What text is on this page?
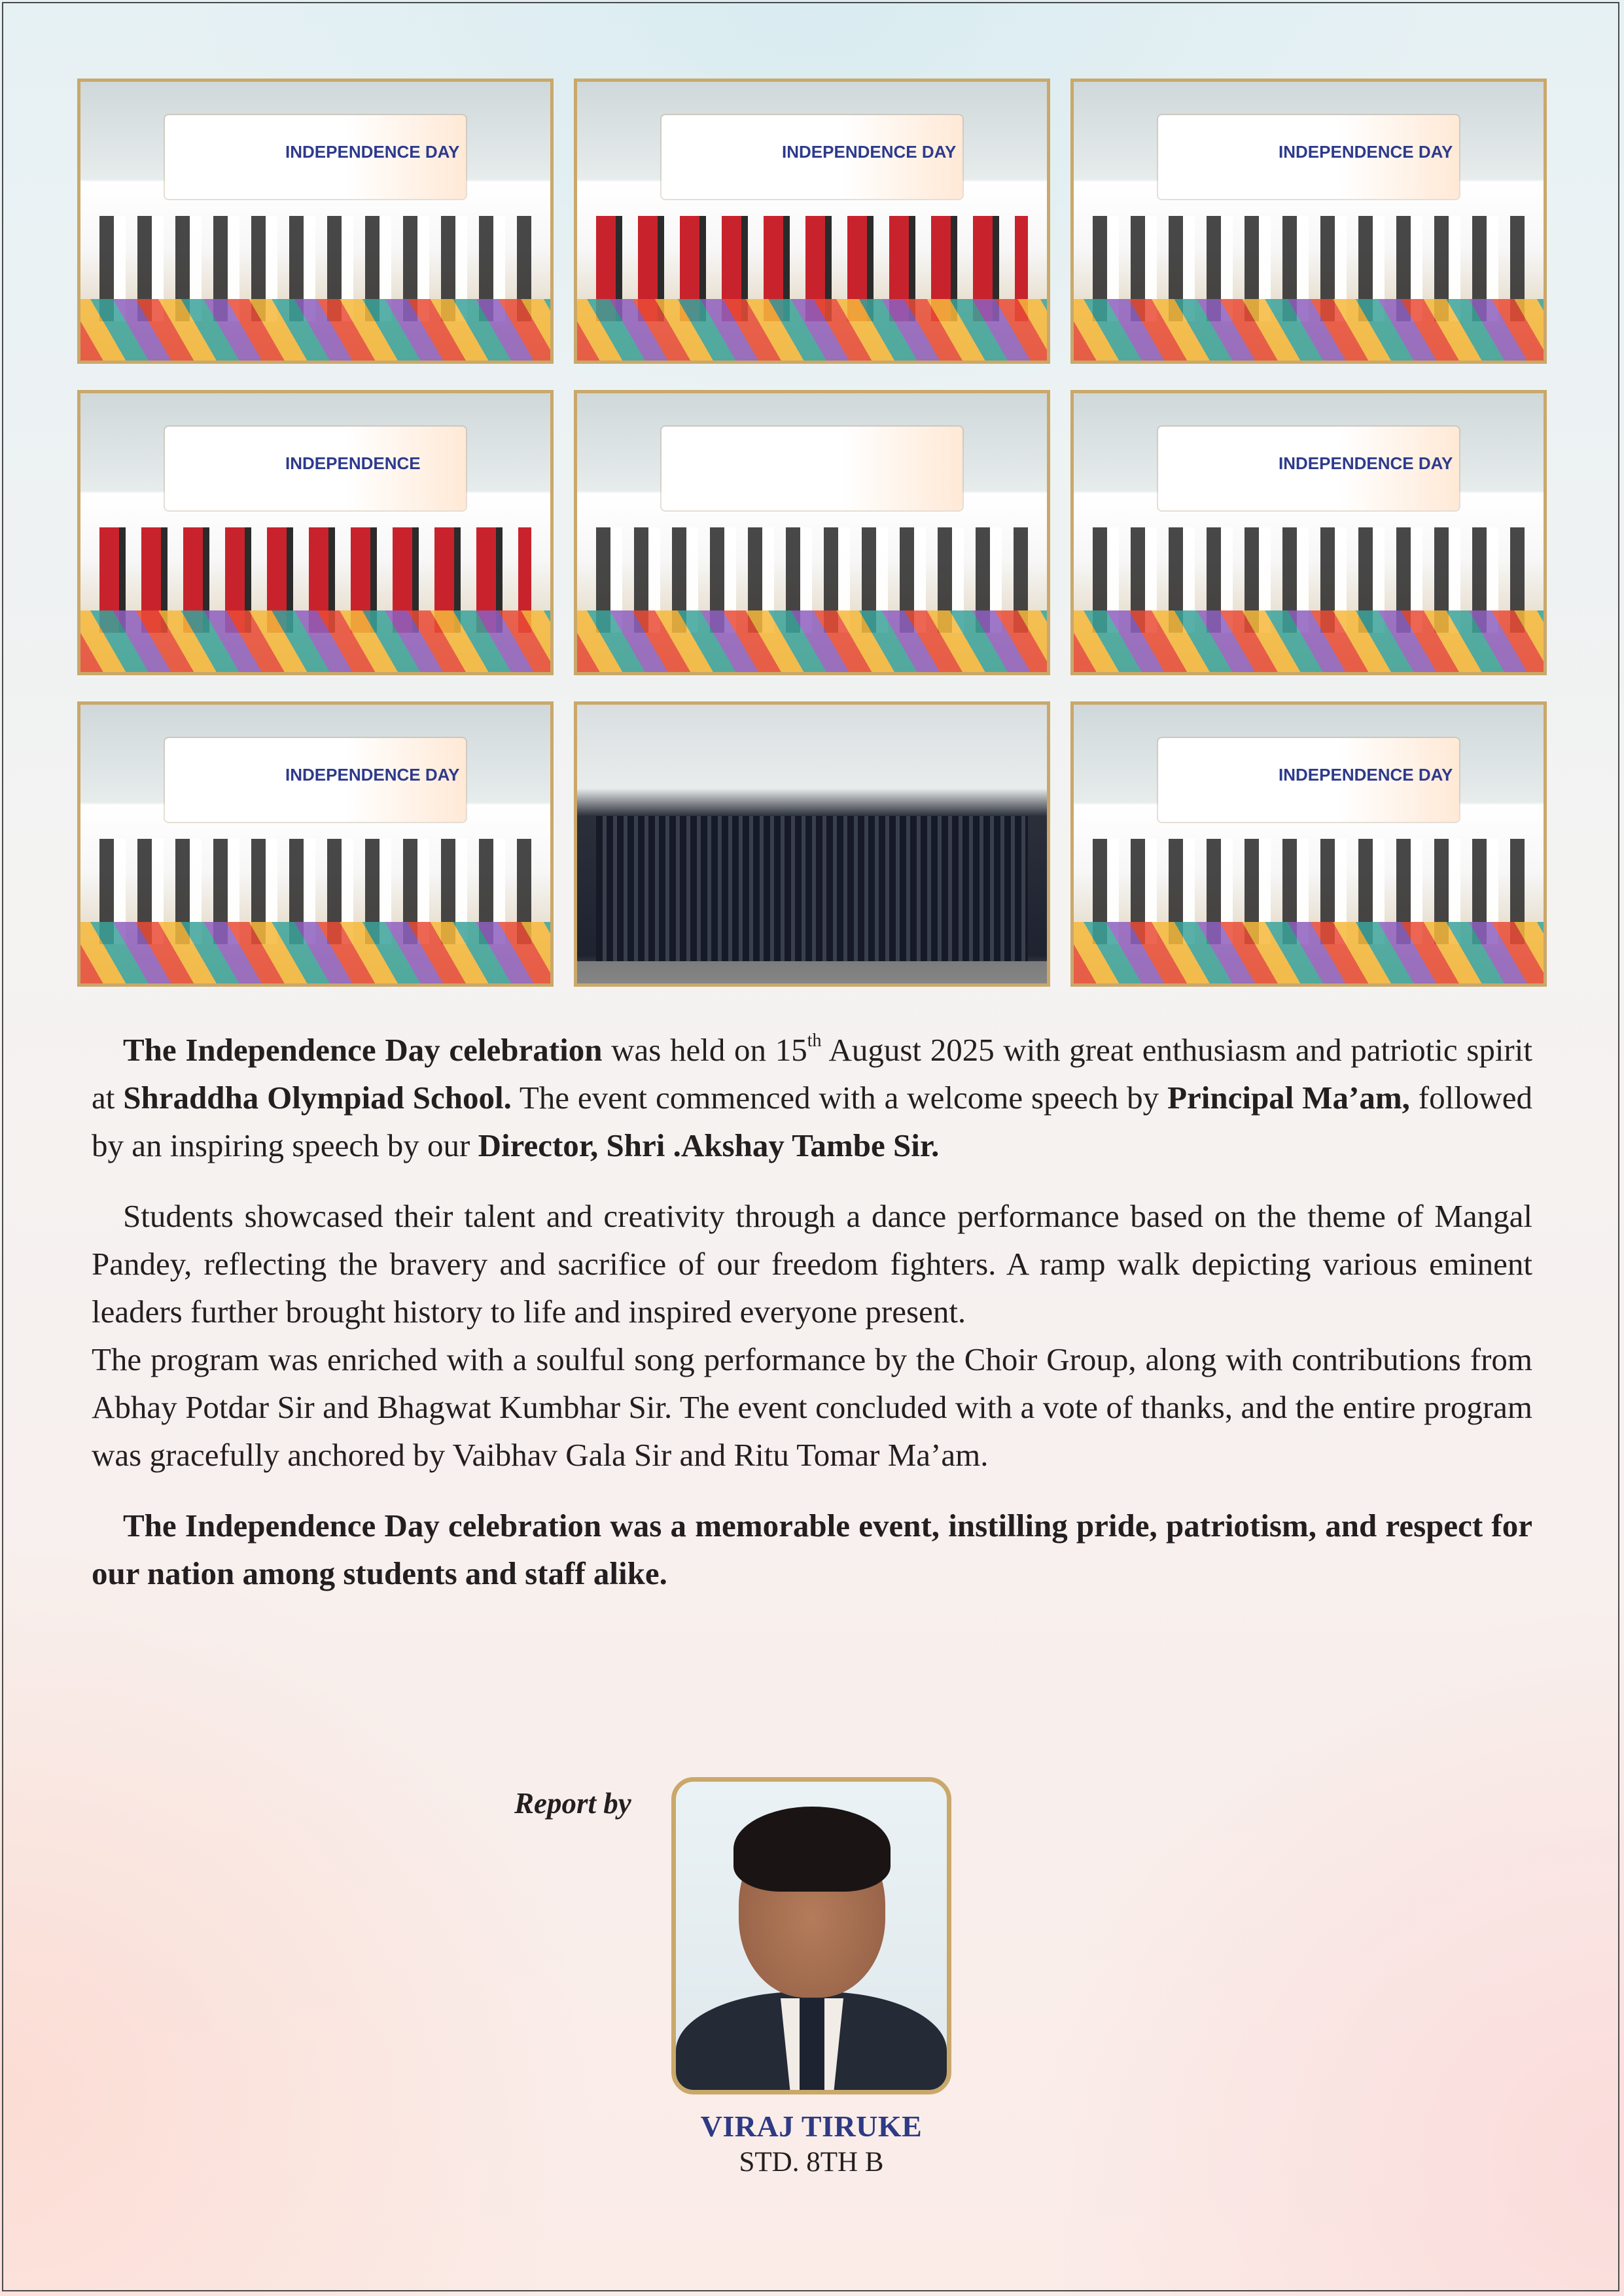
INDEPENDENCE DAY	INDEPENDENCE DAY	INDEPENDENCE DAY
INDEPENDENCE	INDEPENDENCE DAY
INDEPENDENCE DAY	INDEPENDENCE DAY

The Independence Day celebration was held on 15th August 2025 with great enthusiasm and patriotic spirit at Shraddha Olympiad School. The event commenced with a welcome speech by Principal Ma’am, followed by an inspiring speech by our Director, Shri .Akshay Tambe Sir.

Students showcased their talent and creativity through a dance performance based on the theme of Mangal Pandey, reflecting the bravery and sacrifice of our freedom fighters. A ramp walk depicting various eminent leaders further brought history to life and inspired everyone present.

The program was enriched with a soulful song performance by the Choir Group, along with contributions from Abhay Potdar Sir and Bhagwat Kumbhar Sir. The event concluded with a vote of thanks, and the entire program was gracefully anchored by Vaibhav Gala Sir and Ritu Tomar Ma’am.

The Independence Day celebration was a memorable event, instilling pride, patriotism, and respect for our nation among students and staff alike.

Report by
VIRAJ TIRUKE
STD. 8TH B
